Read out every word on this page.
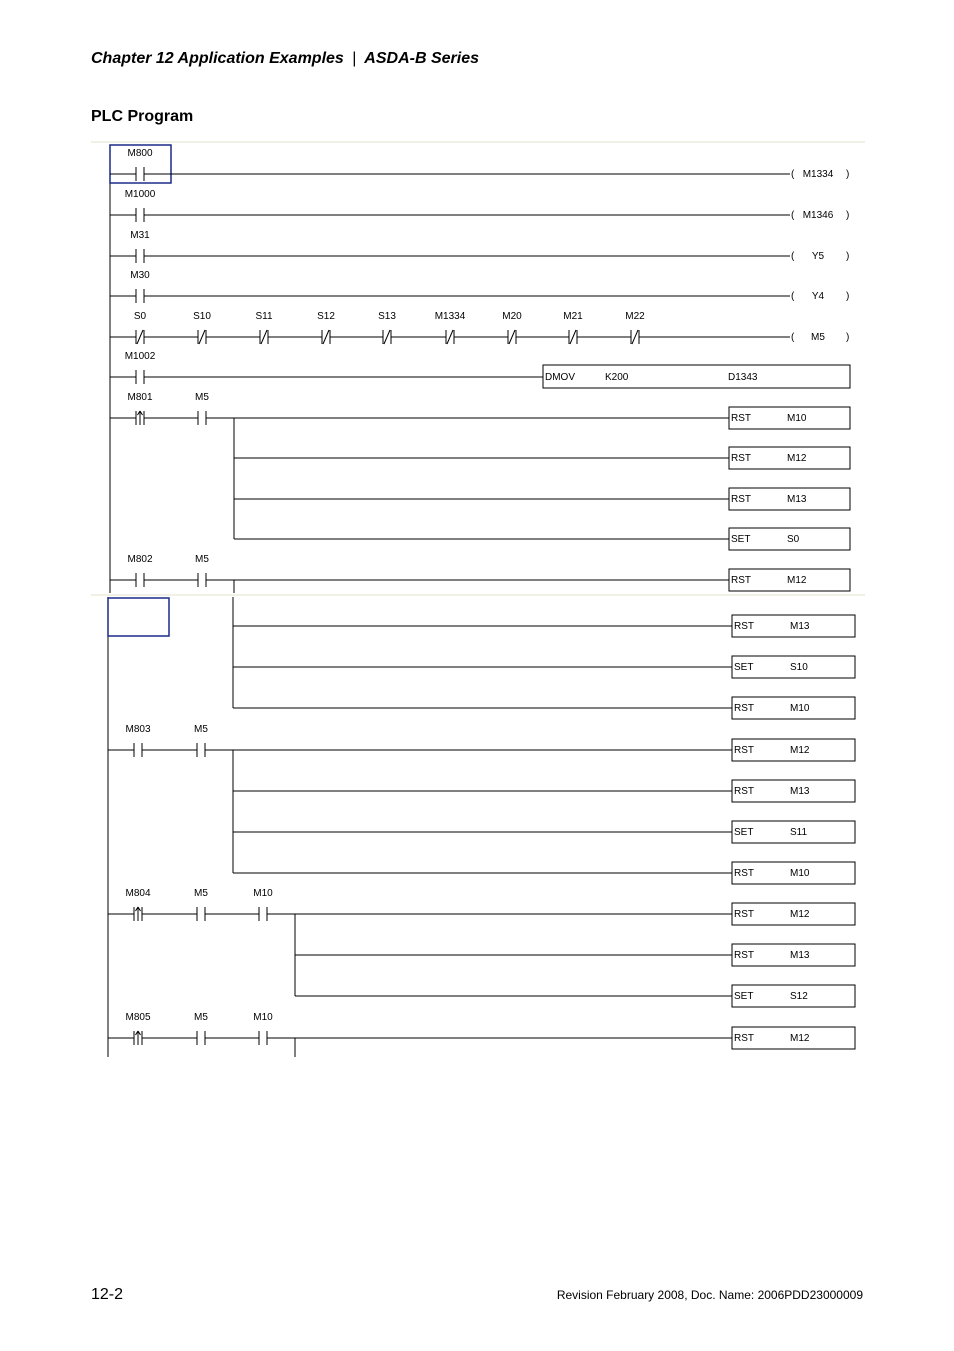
Chapter 12 Application Examples | ASDA-B Series
PLC Program
M800
( M1334 )
M1000
( M1346 )
M31
( Y5 )
M30
( Y4 )
S0	S10	S11	S12	S13	M1334	M20	M21	M22
( M5 )
M1002
DMOV	K200	D1343
M801	M5
RST	M10
RST	M12
RST	M13
SET	S0
M802	M5
RST	M12
RST	M13
SET	S10
RST	M10
M803	M5
RST	M12
RST	M13
SET	S11
RST	M10
M804	M5	M10
RST	M12
RST	M13
SET	S12
M805	M5	M10
RST	M12
12-2	Revision February 2008, Doc. Name: 2006PDD23000009
